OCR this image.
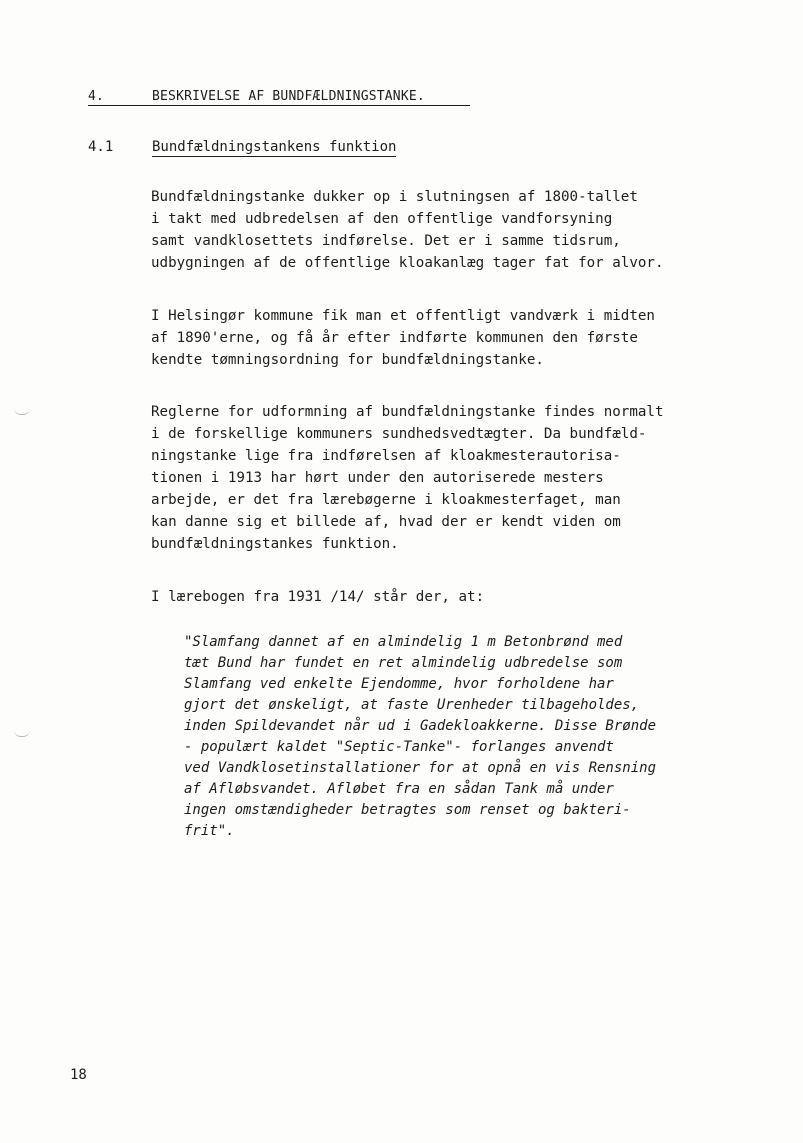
4.	BESKRIVELSE AF BUNDFÆLDNINGSTANKE.
4.1	Bundfældningstankens funktion

Bundfældningstanke dukker op i slutningsen af 1800-tallet
i takt med udbredelsen af den offentlige vandforsyning
samt vandklosettets indførelse. Det er i samme tidsrum,
udbygningen af de offentlige kloakanlæg tager fat for alvor.

I Helsingør kommune fik man et offentligt vandværk i midten
af 1890'erne, og få år efter indførte kommunen den første
kendte tømningsordning for bundfældningstanke.

Reglerne for udformning af bundfældningstanke findes normalt
i de forskellige kommuners sundhedsvedtægter. Da bundfæld-
ningstanke lige fra indførelsen af kloakmesterautorisa-
tionen i 1913 har hørt under den autoriserede mesters
arbejde, er det fra lærebøgerne i kloakmesterfaget, man
kan danne sig et billede af, hvad der er kendt viden om
bundfældningstankes funktion.

I lærebogen fra 1931 /14/ står der, at:

"Slamfang dannet af en almindelig 1 m Betonbrønd med
tæt Bund har fundet en ret almindelig udbredelse som
Slamfang ved enkelte Ejendomme, hvor forholdene har
gjort det ønskeligt, at faste Urenheder tilbageholdes,
inden Spildevandet når ud i Gadekloakkerne. Disse Brønde
- populært kaldet "Septic-Tanke"- forlanges anvendt
ved Vandklosetinstallationer for at opnå en vis Rensning
af Afløbsvandet. Afløbet fra en sådan Tank må under
ingen omstændigheder betragtes som renset og bakteri-
frit".

18
